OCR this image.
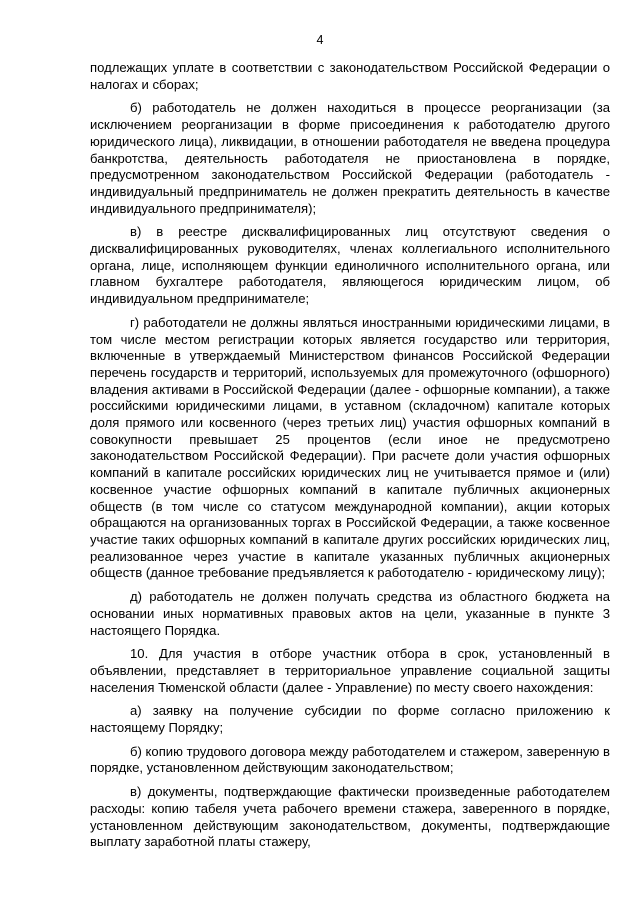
4

подлежащих уплате в соответствии с законодательством Российской Федерации о налогах и сборах;

б) работодатель не должен находиться в процессе реорганизации (за исключением реорганизации в форме присоединения к работодателю другого юридического лица), ликвидации, в отношении работодателя не введена процедура банкротства, деятельность работодателя не приостановлена в порядке, предусмотренном законодательством Российской Федерации (работодатель - индивидуальный предприниматель не должен прекратить деятельность в качестве индивидуального предпринимателя);

в) в реестре дисквалифицированных лиц отсутствуют сведения о дисквалифицированных руководителях, членах коллегиального исполнительного органа, лице, исполняющем функции единоличного исполнительного органа, или главном бухгалтере работодателя, являющегося юридическим лицом, об индивидуальном предпринимателе;

г) работодатели не должны являться иностранными юридическими лицами, в том числе местом регистрации которых является государство или территория, включенные в утверждаемый Министерством финансов Российской Федерации перечень государств и территорий, используемых для промежуточного (офшорного) владения активами в Российской Федерации (далее - офшорные компании), а также российскими юридическими лицами, в уставном (складочном) капитале которых доля прямого или косвенного (через третьих лиц) участия офшорных компаний в совокупности превышает 25 процентов (если иное не предусмотрено законодательством Российской Федерации). При расчете доли участия офшорных компаний в капитале российских юридических лиц не учитывается прямое и (или) косвенное участие офшорных компаний в капитале публичных акционерных обществ (в том числе со статусом международной компании), акции которых обращаются на организованных торгах в Российской Федерации, а также косвенное участие таких офшорных компаний в капитале других российских юридических лиц, реализованное через участие в капитале указанных публичных акционерных обществ (данное требование предъявляется к работодателю - юридическому лицу);

д) работодатель не должен получать средства из областного бюджета на основании иных нормативных правовых актов на цели, указанные в пункте 3 настоящего Порядка.

10. Для участия в отборе участник отбора в срок, установленный в объявлении, представляет в территориальное управление социальной защиты населения Тюменской области (далее - Управление) по месту своего нахождения:

а) заявку на получение субсидии по форме согласно приложению к настоящему Порядку;

б) копию трудового договора между работодателем и стажером, заверенную в порядке, установленном действующим законодательством;

в) документы, подтверждающие фактически произведенные работодателем расходы: копию табеля учета рабочего времени стажера, заверенного в порядке, установленном действующим законодательством, документы, подтверждающие выплату заработной платы стажеру,
